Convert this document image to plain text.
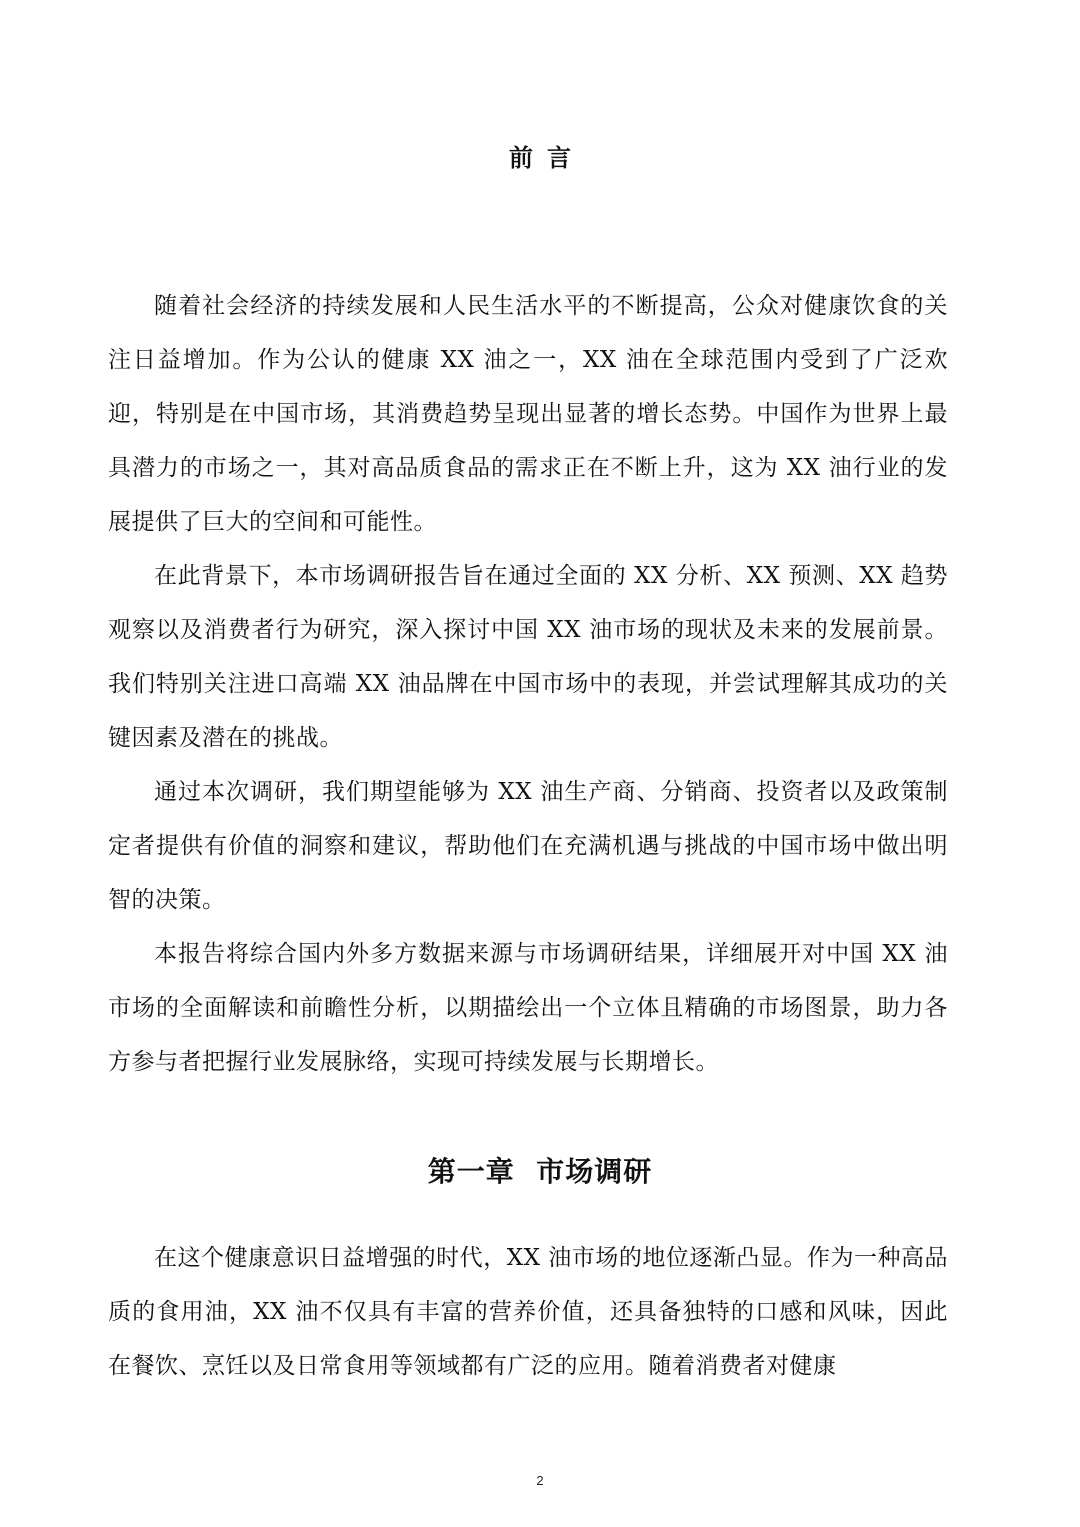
前言

随着社会经济的持续发展和人民生活水平的不断提高，公众对健康饮食的关注日益增加。作为公认的健康 XX 油之一，XX 油在全球范围内受到了广泛欢迎，特别是在中国市场，其消费趋势呈现出显著的增长态势。中国作为世界上最具潜力的市场之一，其对高品质食品的需求正在不断上升，这为 XX 油行业的发展提供了巨大的空间和可能性。

在此背景下，本市场调研报告旨在通过全面的 XX 分析、XX 预测、XX 趋势观察以及消费者行为研究，深入探讨中国 XX 油市场的现状及未来的发展前景。我们特别关注进口高端 XX 油品牌在中国市场中的表现，并尝试理解其成功的关键因素及潜在的挑战。

通过本次调研，我们期望能够为 XX 油生产商、分销商、投资者以及政策制定者提供有价值的洞察和建议，帮助他们在充满机遇与挑战的中国市场中做出明智的决策。

本报告将综合国内外多方数据来源与市场调研结果，详细展开对中国 XX 油市场的全面解读和前瞻性分析，以期描绘出一个立体且精确的市场图景，助力各方参与者把握行业发展脉络，实现可持续发展与长期增长。

第一章  市场调研

在这个健康意识日益增强的时代，XX 油市场的地位逐渐凸显。作为一种高品质的食用油，XX 油不仅具有丰富的营养价值，还具备独特的口感和风味，因此在餐饮、烹饪以及日常食用等领域都有广泛的应用。随着消费者对健康

2
